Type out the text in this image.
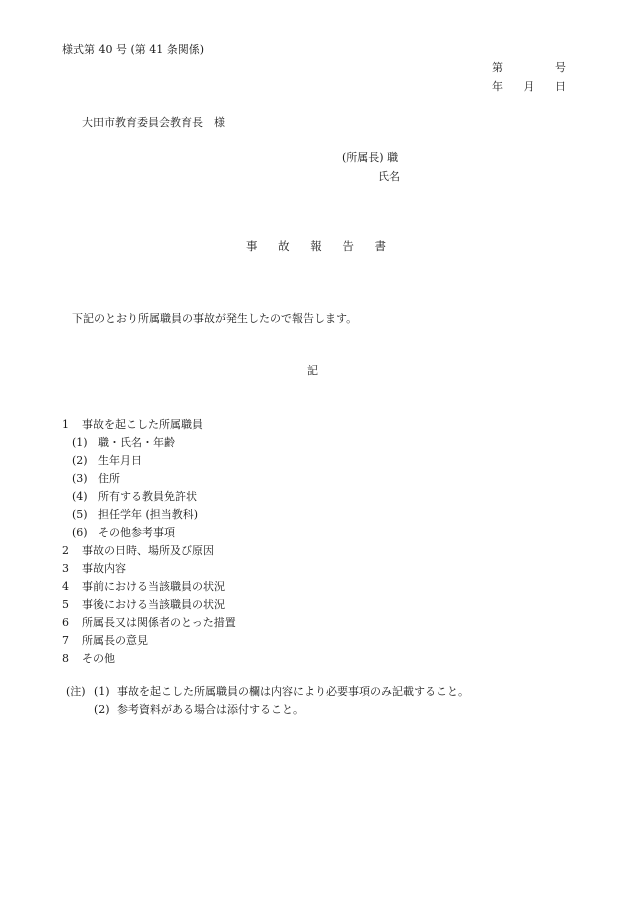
様式第 40 号 (第 41 条関係)
第	号
年 月 日
大田市教育委員会教育長　様
(所属長) 職
氏名
事 故 報 告 書
下記のとおり所属職員の事故が発生したので報告します。
記
1	事故を起こした所属職員
(1) 職・氏名・年齢
(2) 生年月日
(3) 住所
(4) 所有する教員免許状
(5) 担任学年 (担当教科)
(6) その他参考事項
2	事故の日時、場所及び原因
3	事故内容
4	事前における当該職員の状況
5	事後における当該職員の状況
6	所属長又は関係者のとった措置
7	所属長の意見
8	その他
(注) (1) 事故を起こした所属職員の欄は内容により必要事項のみ記載すること。
(2) 参考資料がある場合は添付すること。
